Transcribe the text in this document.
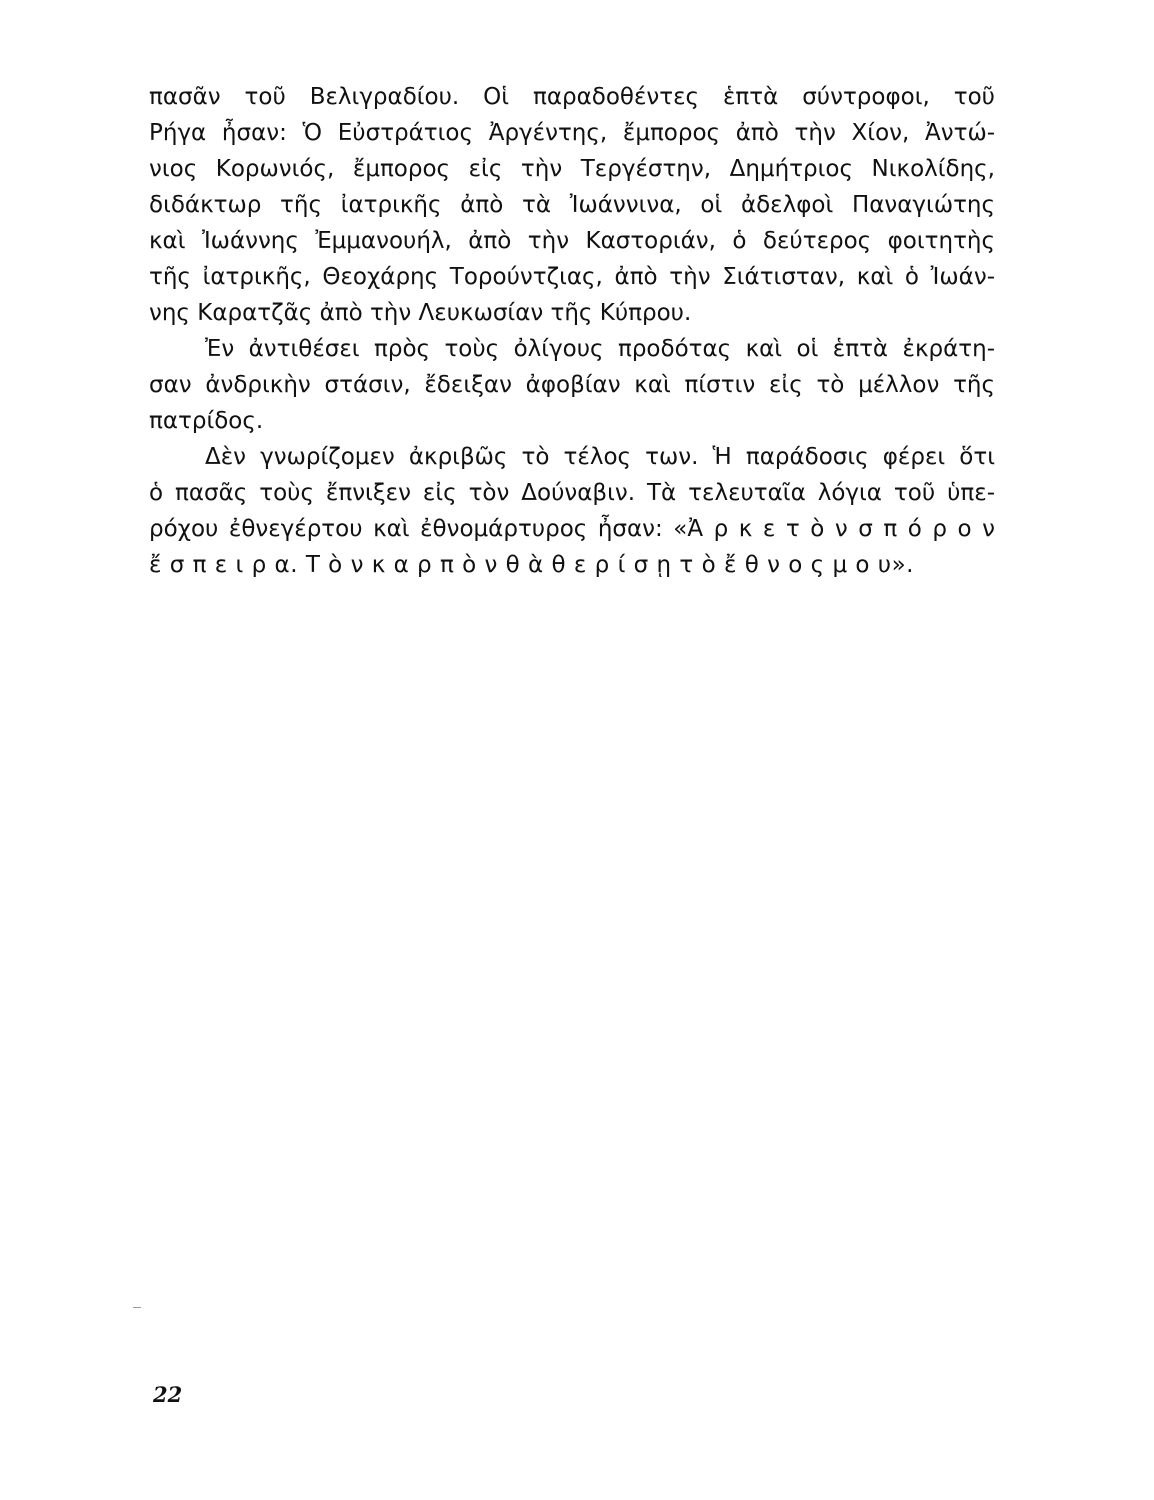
πασᾶν τοῦ Βελιγραδίου. Οἱ παραδοθέντες ἑπτὰ σύντροφοι, τοῦ
Ρήγα ἦσαν: Ὁ Εὐστράτιος Ἀργέντης, ἔμπορος ἀπὸ τὴν Χίον, Ἀντώ-
νιος Κορωνιός, ἔμπορος εἰς τὴν Τεργέστην, Δημήτριος Νικολίδης,
διδάκτωρ τῆς ἰατρικῆς ἀπὸ τὰ Ἰωάννινα, οἱ ἀδελφοὶ Παναγιώτης
καὶ Ἰωάννης Ἐμμανουήλ, ἀπὸ τὴν Καστοριάν, ὁ δεύτερος φοιτητὴς
τῆς ἰατρικῆς, Θεοχάρης Τορούντζιας, ἀπὸ τὴν Σιάτισταν, καὶ ὁ Ἰωάν-
νης Καρατζᾶς ἀπὸ τὴν Λευκωσίαν τῆς Κύπρου.
Ἐν ἀντιθέσει πρὸς τοὺς ὀλίγους προδότας καὶ οἱ ἑπτὰ ἐκράτη-
σαν ἀνδρικὴν στάσιν, ἔδειξαν ἀφοβίαν καὶ πίστιν εἰς τὸ μέλλον τῆς
πατρίδος.
Δὲν γνωρίζομεν ἀκριβῶς τὸ τέλος των. Ἡ παράδοσις φέρει ὅτι
ὁ πασᾶς τοὺς ἔπνιξεν εἰς τὸν Δούναβιν. Τὰ τελευταῖα λόγια τοῦ ὑπε-
ρόχου ἐθνεγέρτου καὶ ἐθνομάρτυρος ἦσαν: «Ἀ ρ κ ε τ ὸ ν σ π ό ρ ο ν
ἔ σ π ε ι ρ α. Τ ὸ ν κ α ρ π ὸ ν θ ὰ θ ε ρ ί σ ῃ τ ὸ ἔ θ ν ο ς μ ο υ».
22
